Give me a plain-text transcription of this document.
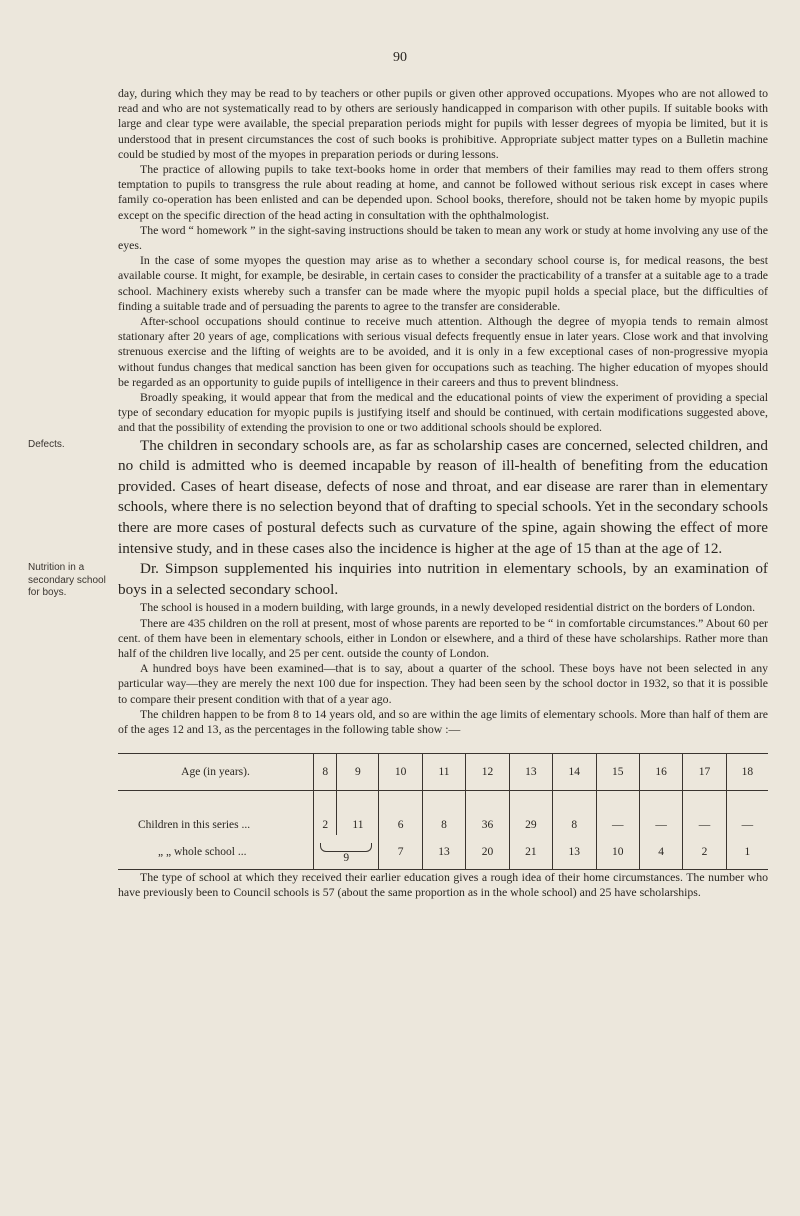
90

day, during which they may be read to by teachers or other pupils or given other approved occupations. Myopes who are not allowed to read and who are not systematically read to by others are seriously handicapped in comparison with other pupils. If suitable books with large and clear type were available, the special preparation periods might for pupils with lesser degrees of myopia be limited, but it is understood that in present circumstances the cost of such books is prohibitive. Appropriate subject matter types on a Bulletin machine could be studied by most of the myopes in preparation periods or during lessons.

The practice of allowing pupils to take text-books home in order that members of their families may read to them offers strong temptation to pupils to transgress the rule about reading at home, and cannot be followed without serious risk except in cases where family co-operation has been enlisted and can be depended upon. School books, therefore, should not be taken home by myopic pupils except on the specific direction of the head acting in consultation with the ophthalmologist.

The word “ homework ” in the sight-saving instructions should be taken to mean any work or study at home involving any use of the eyes.

In the case of some myopes the question may arise as to whether a secondary school course is, for medical reasons, the best available course. It might, for example, be desirable, in certain cases to consider the practicability of a transfer at a suitable age to a trade school. Machinery exists whereby such a transfer can be made where the myopic pupil holds a special place, but the difficulties of finding a suitable trade and of persuading the parents to agree to the transfer are considerable.

After-school occupations should continue to receive much attention. Although the degree of myopia tends to remain almost stationary after 20 years of age, complications with serious visual defects frequently ensue in later years. Close work and that involving strenuous exercise and the lifting of weights are to be avoided, and it is only in a few exceptional cases of non-progressive myopia without fundus changes that medical sanction has been given for occupations such as teaching. The higher education of myopes should be regarded as an opportunity to guide pupils of intelligence in their careers and thus to prevent blindness.

Broadly speaking, it would appear that from the medical and the educational points of view the experiment of providing a special type of secondary education for myopic pupils is justifying itself and should be continued, with certain modifications suggested above, and that the possibility of extending the provision to one or two additional schools should be explored.

Defects.	The children in secondary schools are, as far as scholarship cases are concerned, selected children, and no child is admitted who is deemed incapable by reason of ill-health of benefiting from the education provided. Cases of heart disease, defects of nose and throat, and ear disease are rarer than in elementary schools, where there is no selection beyond that of drafting to special schools. Yet in the secondary schools there are more cases of postural defects such as curvature of the spine, again showing the effect of more intensive study, and in these cases also the incidence is higher at the age of 15 than at the age of 12.

Nutrition in a secondary school for boys.

Dr. Simpson supplemented his inquiries into nutrition in elementary schools, by an examination of boys in a selected secondary school.

The school is housed in a modern building, with large grounds, in a newly developed residential district on the borders of London.

There are 435 children on the roll at present, most of whose parents are reported to be “ in comfortable circumstances.” About 60 per cent. of them have been in elementary schools, either in London or elsewhere, and a third of these have scholarships. Rather more than half of the children live locally, and 25 per cent. outside the county of London.

A hundred boys have been examined—that is to say, about a quarter of the school. These boys have not been selected in any particular way—they are merely the next 100 due for inspection. They had been seen by the school doctor in 1932, so that it is possible to compare their present condition with that of a year ago.

The children happen to be from 8 to 14 years old, and so are within the age limits of elementary schools. More than half of them are of the ages 12 and 13, as the percentages in the following table show :—

Age (in years).	8	9	10	11	12	13	14	15	16	17	18
Children in this series ...	2	11	6	8	36	29	8	—	—	—	—
„ „ whole school ...	9		7	13	20	21	13	10	4	2	1

The type of school at which they received their earlier education gives a rough idea of their home circumstances. The number who have previously been to Council schools is 57 (about the same proportion as in the whole school) and 25 have scholarships.
